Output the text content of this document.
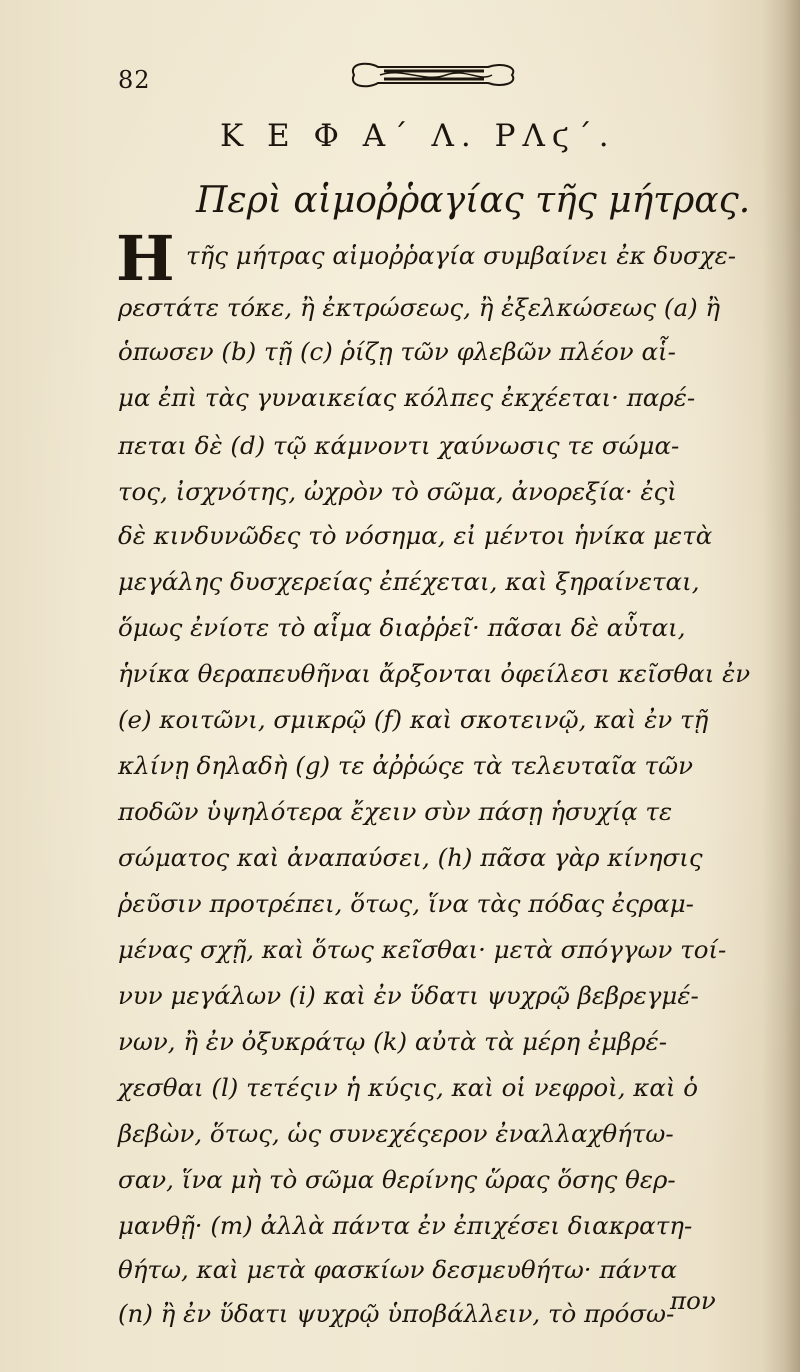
82
Κ Ε Φ Α΄ Λ. ΡΛϛ΄.
Περὶ αἱμοῤῥαγίας τῆς μήτρας.
Η τῆς μήτρας αἱμοῤῥαγία συμβαίνει ἐκ δυσχε-
ρεστάτε τόκε, ἢ ἐκτρώσεως, ἢ ἐξελκώσεως (a) ἢ
ὁπωσεν (b) τῇ (c) ῥίζῃ τῶν φλεβῶν πλέον αἷ-
μα ἐπὶ τὰς γυναικείας κόλπες ἐκχέεται· παρέ-
πεται δὲ (d) τῷ κάμνοντι χαύνωσις τε σώμα-
τος, ἰσχνότης, ὠχρὸν τὸ σῶμα, ἀνορεξία· ἐςὶ
δὲ κινδυνῶδες τὸ νόσημα, εἰ μέντοι ἡνίκα μετὰ
μεγάλης δυσχερείας ἐπέχεται, καὶ ξηραίνεται,
ὅμως ἐνίοτε τὸ αἷμα διαῤῥεῖ· πᾶσαι δὲ αὗται,
ἡνίκα θεραπευθῆναι ἄρξονται ὀφείλεσι κεῖσθαι ἐν
(e) κοιτῶνι, σμικρῷ (f) καὶ σκοτεινῷ, καὶ ἐν τῇ
κλίνῃ δηλαδὴ (g) τε ἀῤῥώςε τὰ τελευταῖα τῶν
ποδῶν ὑψηλότερα ἔχειν σὺν πάσῃ ἡσυχίᾳ τε
σώματος καὶ ἀναπαύσει, (h) πᾶσα γὰρ κίνησις
ῥεῦσιν προτρέπει, ὅτως, ἵνα τὰς πόδας ἐςραμ-
μένας σχῇ, καὶ ὅτως κεῖσθαι· μετὰ σπόγγων τοί-
νυν μεγάλων (i) καὶ ἐν ὕδατι ψυχρῷ βεβρεγμέ-
νων, ἢ ἐν ὀξυκράτῳ (k) αὐτὰ τὰ μέρη ἐμβρέ-
χεσθαι (l) τετέςιν ἡ κύςις, καὶ οἱ νεφροὶ, καὶ ὁ
βεβὼν, ὅτως, ὡς συνεχέςερον ἐναλλαχθήτω-
σαν, ἵνα μὴ τὸ σῶμα θερίνης ὥρας ὅσης θερ-
μανθῇ· (m) ἀλλὰ πάντα ἐν ἐπιχέσει διακρατη-
θήτω, καὶ μετὰ φασκίων δεσμευθήτω· πάντα
(n) ἢ ἐν ὕδατι ψυχρῷ ὑποβάλλειν, τὸ πρόσω-
πον
